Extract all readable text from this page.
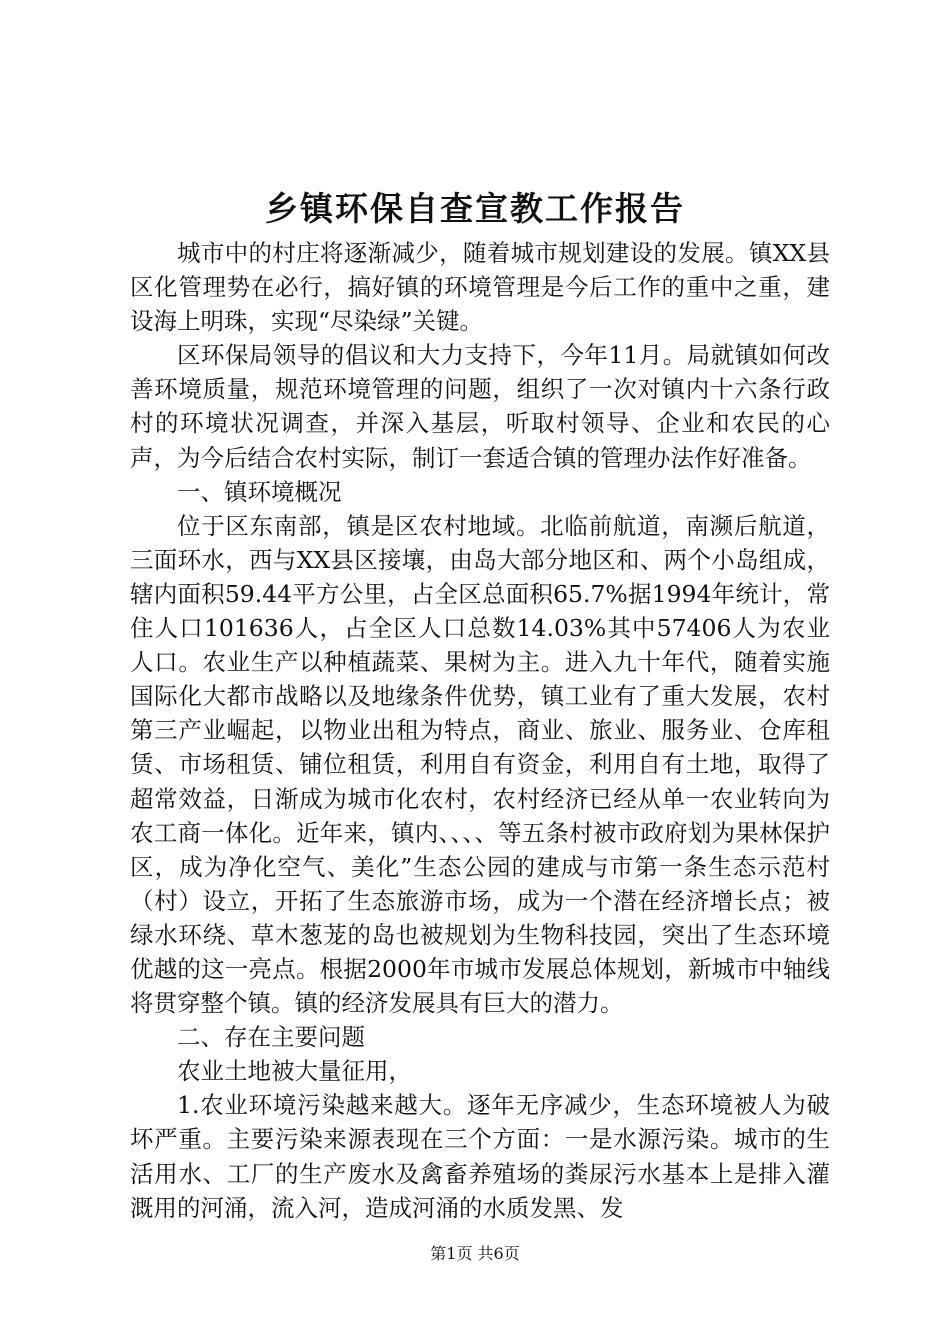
乡镇环保自查宣教工作报告

城市中的村庄将逐渐减少，随着城市规划建设的发展。镇XX县区化管理势在必行，搞好镇的环境管理是今后工作的重中之重，建设海上明珠，实现“尽染绿”关键。

区环保局领导的倡议和大力支持下，今年11月。局就镇如何改善环境质量，规范环境管理的问题，组织了一次对镇内十六条行政村的环境状况调查，并深入基层，听取村领导、企业和农民的心声，为今后结合农村实际，制订一套适合镇的管理办法作好准备。

一、镇环境概况

位于区东南部，镇是区农村地域。北临前航道，南濒后航道，三面环水，西与XX县区接壤，由岛大部分地区和、两个小岛组成，辖内面积59.44平方公里，占全区总面积65.7%据1994年统计，常住人口101636人，占全区人口总数14.03%其中57406人为农业人口。农业生产以种植蔬菜、果树为主。进入九十年代，随着实施国际化大都市战略以及地缘条件优势，镇工业有了重大发展，农村第三产业崛起，以物业出租为特点，商业、旅业、服务业、仓库租赁、市场租赁、铺位租赁，利用自有资金，利用自有土地，取得了超常效益，日渐成为城市化农村，农村经济已经从单一农业转向为农工商一体化。近年来，镇内、、、、等五条村被市政府划为果林保护区，成为净化空气、美化”生态公园的建成与市第一条生态示范村（村）设立，开拓了生态旅游市场，成为一个潜在经济增长点；被绿水环绕、草木葱茏的岛也被规划为生物科技园，突出了生态环境优越的这一亮点。根据2000年市城市发展总体规划，新城市中轴线将贯穿整个镇。镇的经济发展具有巨大的潜力。

二、存在主要问题

农业土地被大量征用，

1.农业环境污染越来越大。逐年无序减少，生态环境被人为破坏严重。主要污染来源表现在三个方面：一是水源污染。城市的生活用水、工厂的生产废水及禽畜养殖场的粪尿污水基本上是排入灌溉用的河涌，流入河，造成河涌的水质发黑、发

第1页 共6页
